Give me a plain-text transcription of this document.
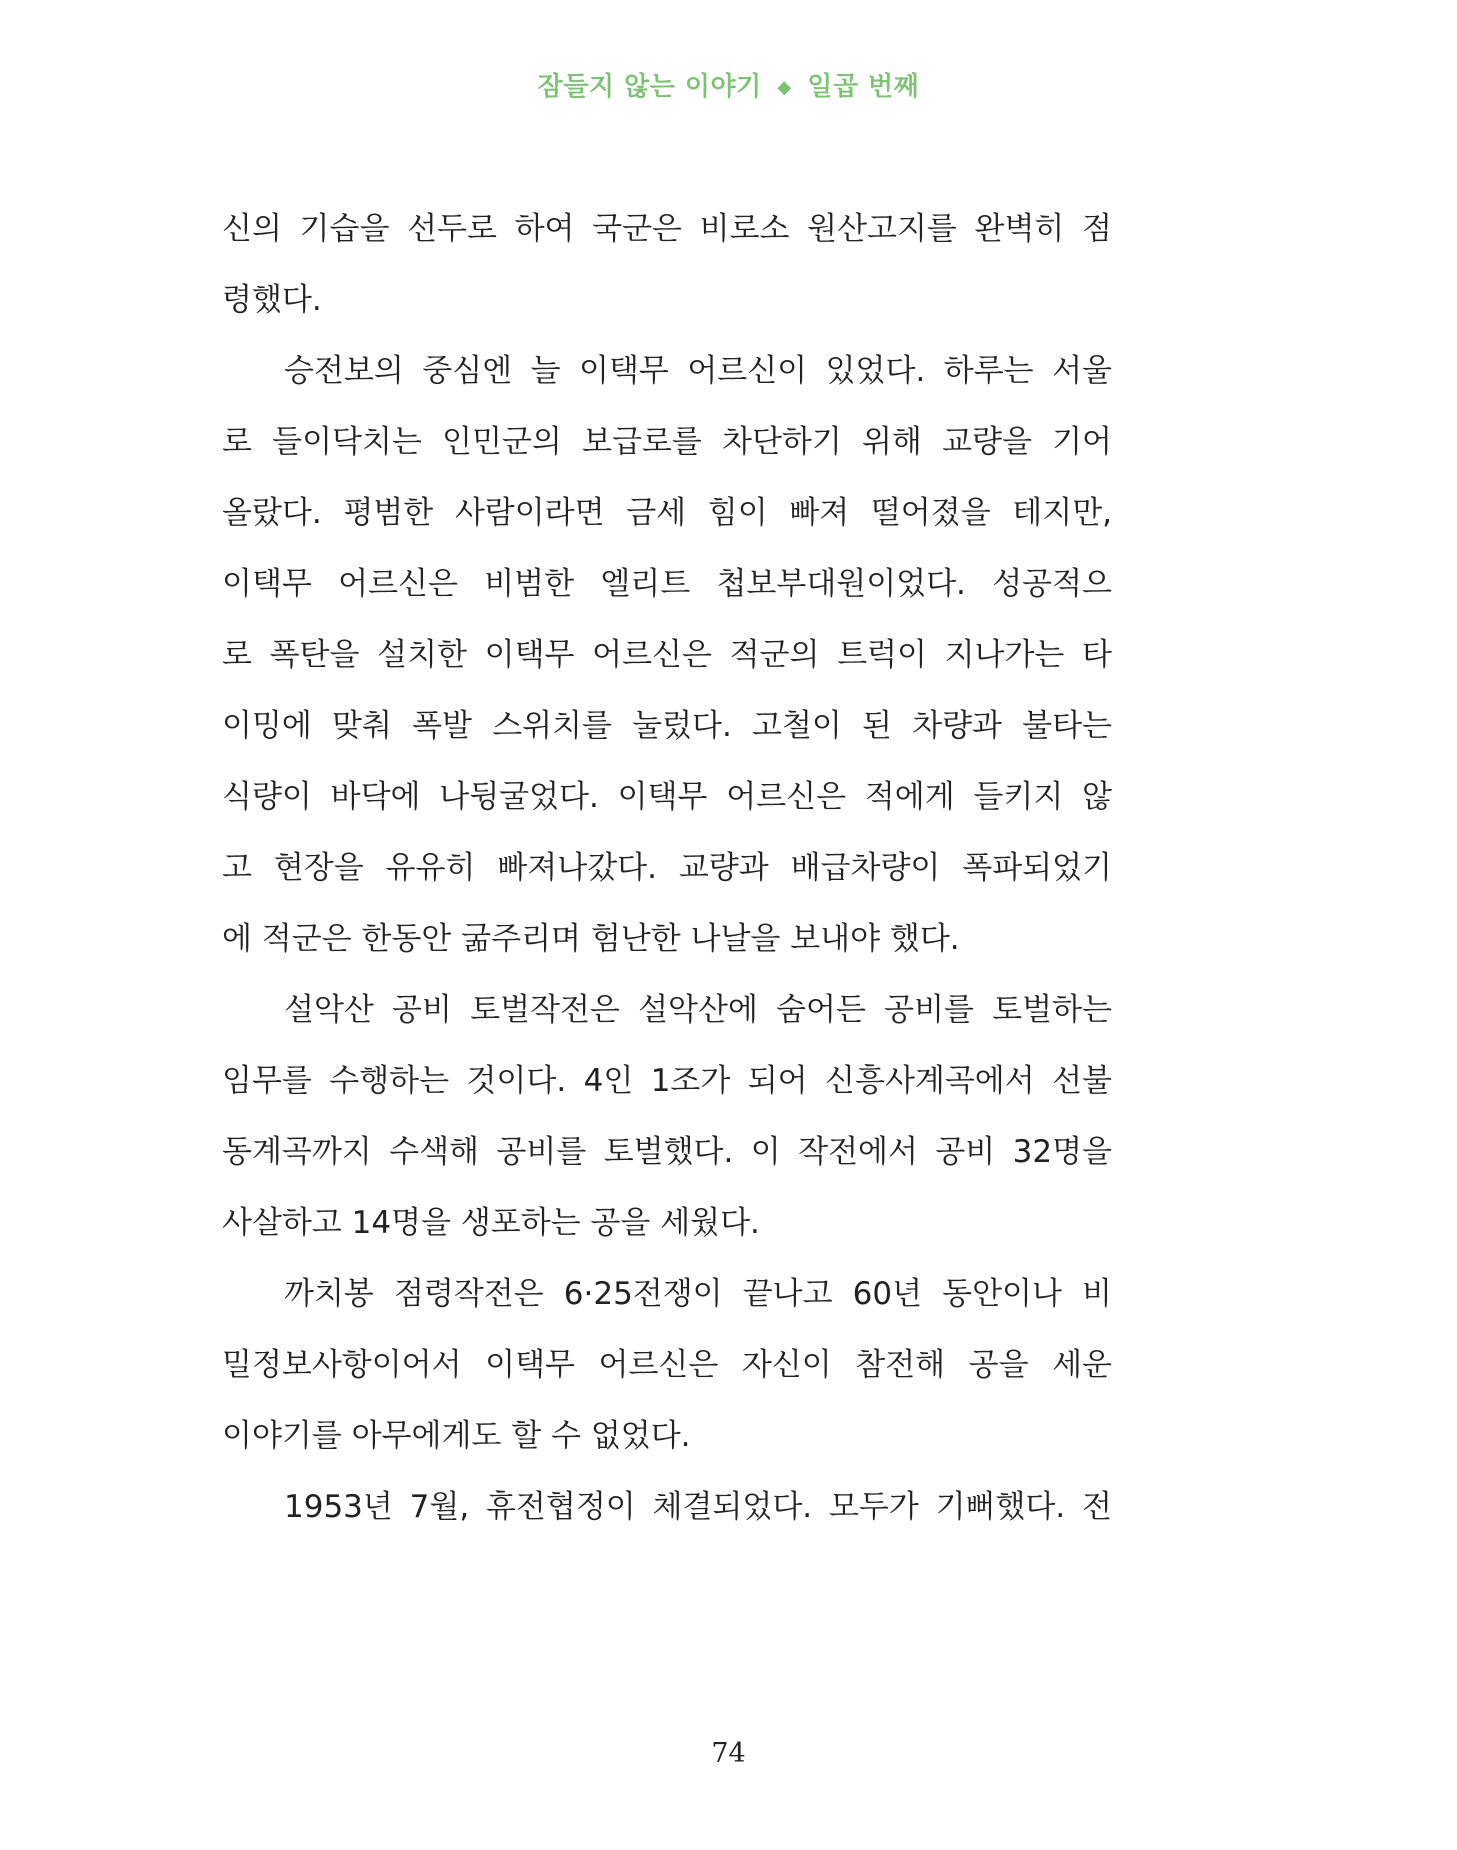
잠들지 않는 이야기 ◆ 일곱 번째
신의 기습을 선두로 하여 국군은 비로소 원산고지를 완벽히 점
령했다.
승전보의 중심엔 늘 이택무 어르신이 있었다. 하루는 서울
로 들이닥치는 인민군의 보급로를 차단하기 위해 교량을 기어
올랐다. 평범한 사람이라면 금세 힘이 빠져 떨어졌을 테지만,
이택무 어르신은 비범한 엘리트 첩보부대원이었다. 성공적으
로 폭탄을 설치한 이택무 어르신은 적군의 트럭이 지나가는 타
이밍에 맞춰 폭발 스위치를 눌렀다. 고철이 된 차량과 불타는
식량이 바닥에 나뒹굴었다. 이택무 어르신은 적에게 들키지 않
고 현장을 유유히 빠져나갔다. 교량과 배급차량이 폭파되었기
에 적군은 한동안 굶주리며 험난한 나날을 보내야 했다.
설악산 공비 토벌작전은 설악산에 숨어든 공비를 토벌하는
임무를 수행하는 것이다. 4인 1조가 되어 신흥사계곡에서 선불
동계곡까지 수색해 공비를 토벌했다. 이 작전에서 공비 32명을
사살하고 14명을 생포하는 공을 세웠다.
까치봉 점령작전은 6·25전쟁이 끝나고 60년 동안이나 비
밀정보사항이어서 이택무 어르신은 자신이 참전해 공을 세운
이야기를 아무에게도 할 수 없었다.
1953년 7월, 휴전협정이 체결되었다. 모두가 기뻐했다. 전
74
